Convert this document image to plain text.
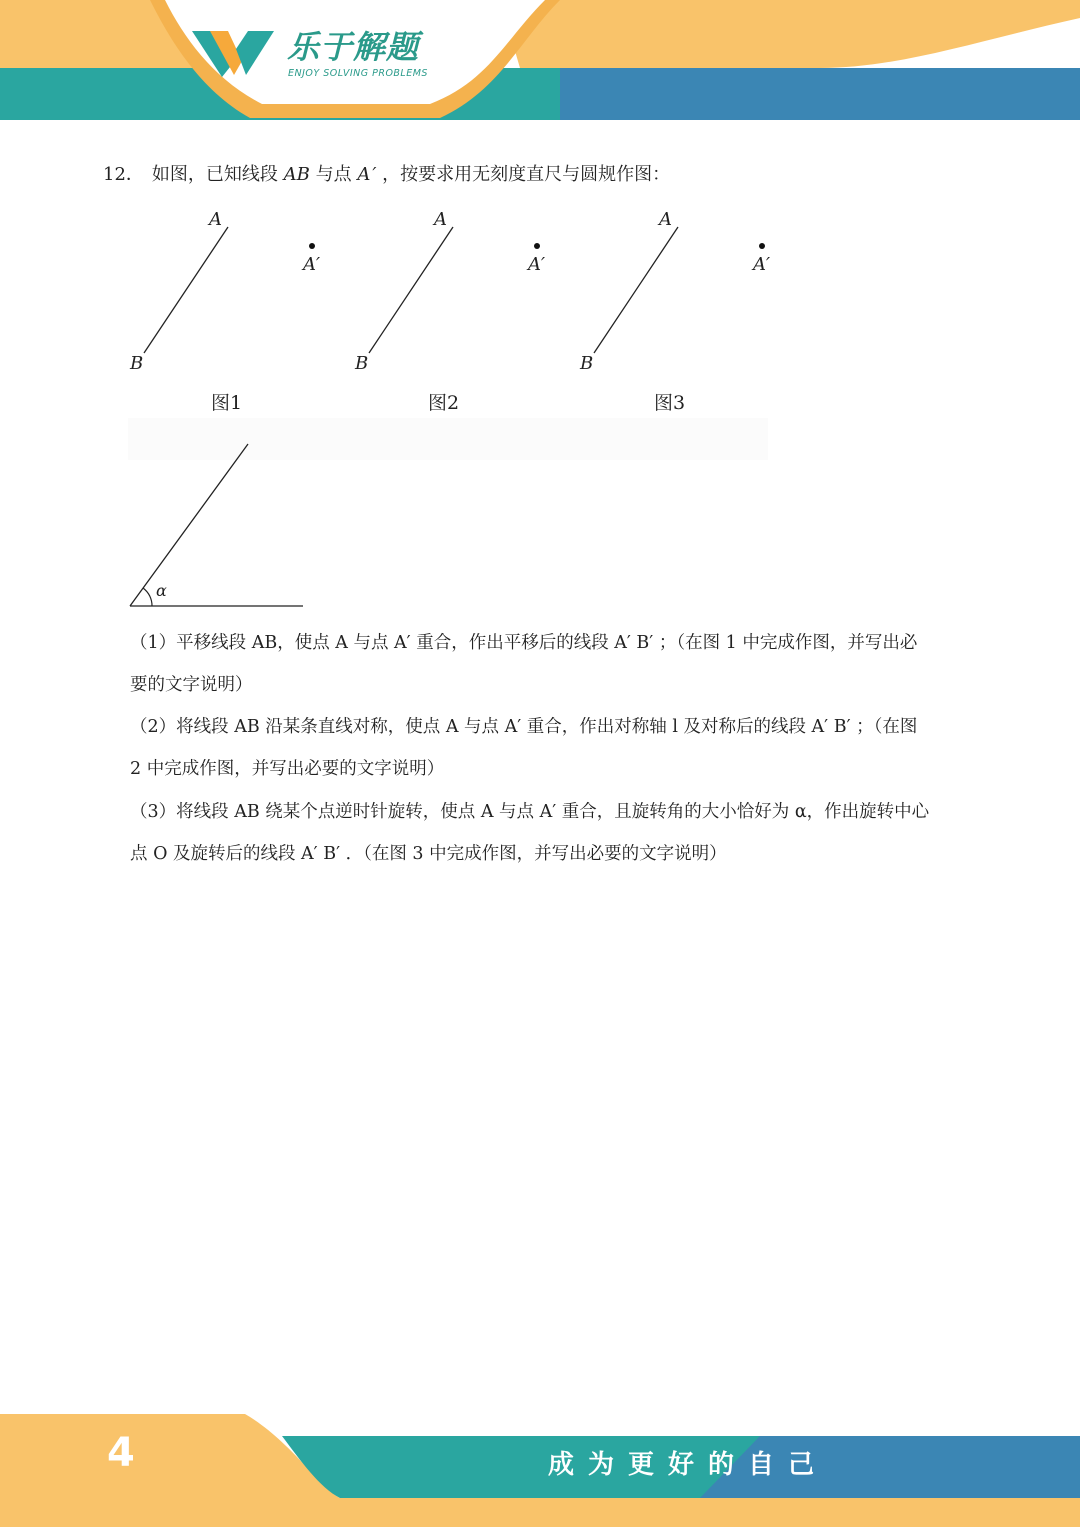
乐于解题
ENJOY SOLVING PROBLEMS
12． 如图，已知线段 AB 与点 A ′ ，按要求用无刻度直尺与圆规作图：
A
B
A′
图1
A
B
A′
图2
A
B
A′
图3
α
（1）平移线段 AB，使点 A 与点 A′ 重合，作出平移后的线段 A′ B′ ；（在图 1 中完成作图，并写出必
要的文字说明）
（2）将线段 AB 沿某条直线对称，使点 A 与点 A′ 重合，作出对称轴 l 及对称后的线段 A′ B′ ；（在图
2 中完成作图，并写出必要的文字说明）
（3）将线段 AB 绕某个点逆时针旋转，使点 A 与点 A′ 重合，且旋转角的大小恰好为 α，作出旋转中心
点 O 及旋转后的线段 A′ B′ ．（在图 3 中完成作图，并写出必要的文字说明）
4	成为更好的自己
